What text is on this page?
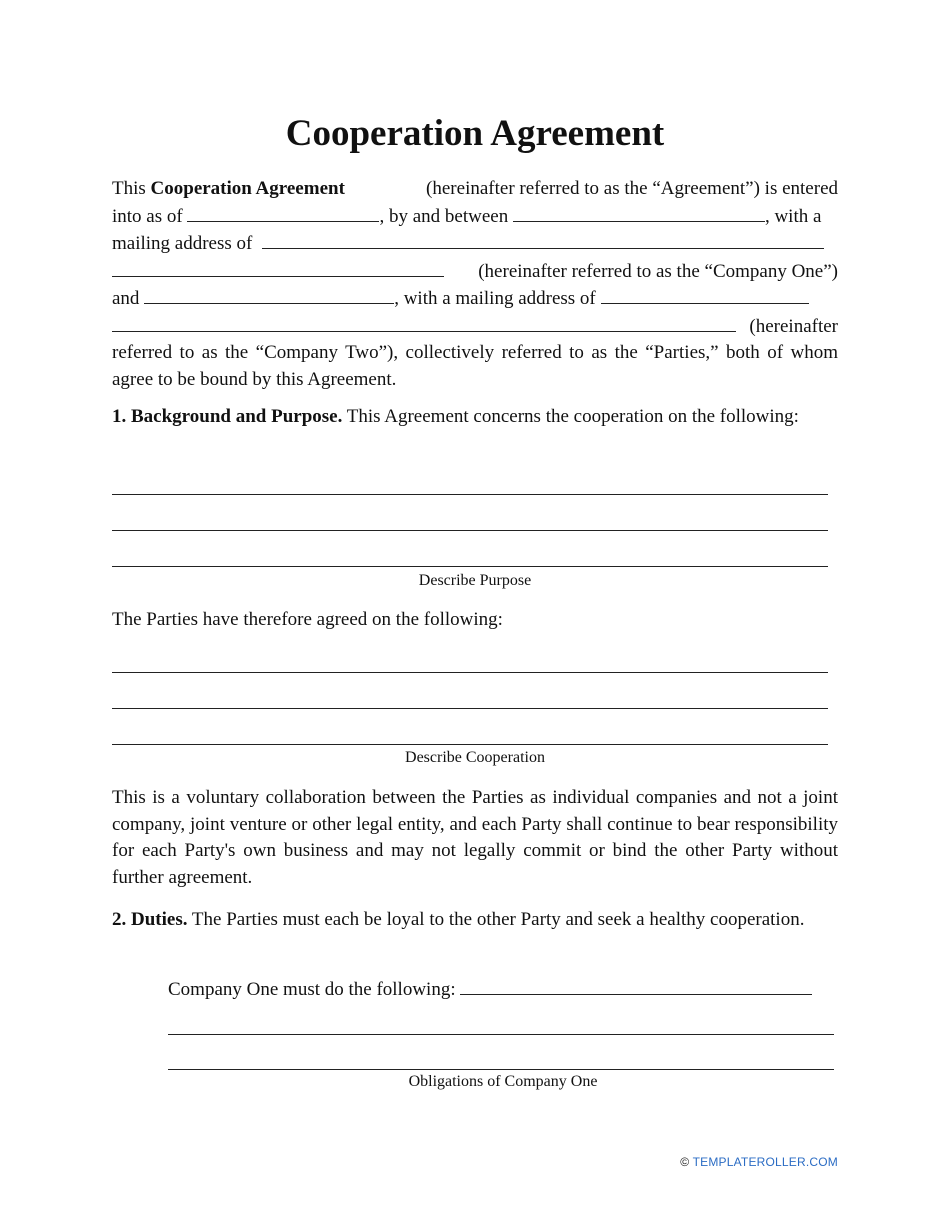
Cooperation Agreement
This Cooperation Agreement	(hereinafter referred to as the “Agreement”) is entered
into as of	, by and between	, with a
mailing address of
(hereinafter referred to as the “Company One”)
and	, with a mailing address of
(hereinafter
referred to as the “Company Two”), collectively referred to as the “Parties,” both of whom agree to be bound by this Agreement.
1. Background and Purpose. This Agreement concerns the cooperation on the following:
Describe Purpose
The Parties have therefore agreed on the following:
Describe Cooperation
This is a voluntary collaboration between the Parties as individual companies and not a joint company, joint venture or other legal entity, and each Party shall continue to bear responsibility for each Party's own business and may not legally commit or bind the other Party without further agreement.
2. Duties. The Parties must each be loyal to the other Party and seek a healthy cooperation.
Company One must do the following:
Obligations of Company One
© TEMPLATEROLLER.COM
